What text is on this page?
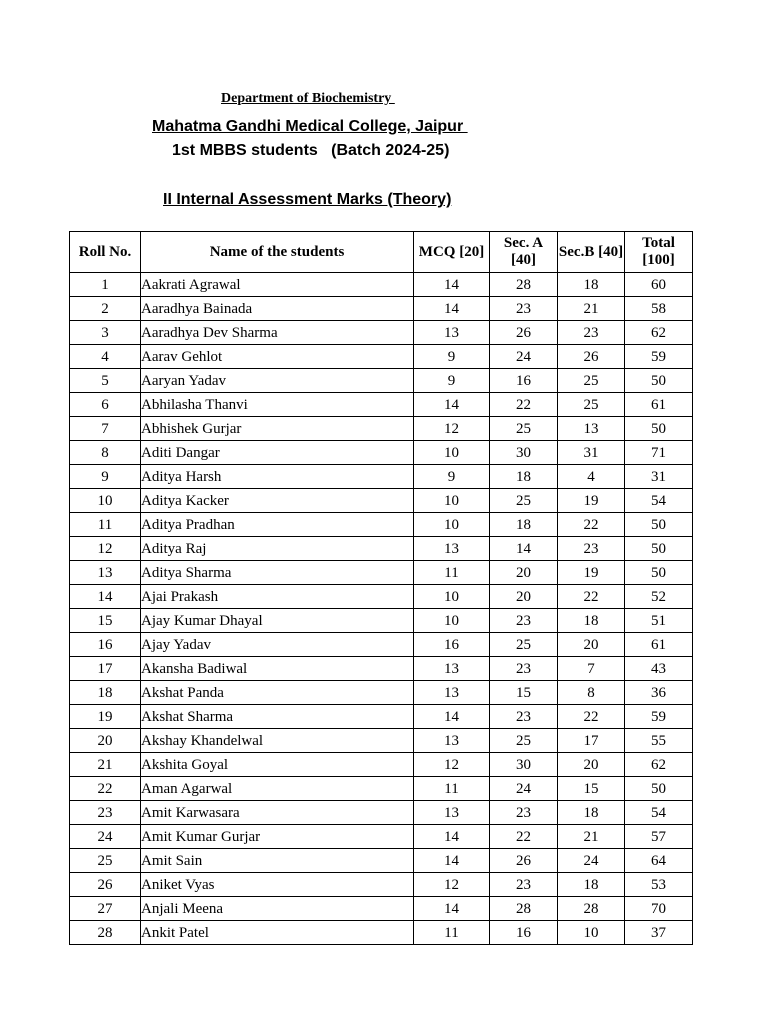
Department of Biochemistry
Mahatma Gandhi Medical College, Jaipur
1st MBBS students   (Batch 2024-25)
II Internal Assessment Marks (Theory)
Roll No.	Name of the students	MCQ [20]	Sec. A [40]	Sec.B [40]	Total [100]
1	Aakrati Agrawal	14	28	18	60
2	Aaradhya Bainada	14	23	21	58
3	Aaradhya Dev Sharma	13	26	23	62
4	Aarav Gehlot	9	24	26	59
5	Aaryan Yadav	9	16	25	50
6	Abhilasha Thanvi	14	22	25	61
7	Abhishek Gurjar	12	25	13	50
8	Aditi Dangar	10	30	31	71
9	Aditya Harsh	9	18	4	31
10	Aditya Kacker	10	25	19	54
11	Aditya Pradhan	10	18	22	50
12	Aditya Raj	13	14	23	50
13	Aditya Sharma	11	20	19	50
14	Ajai Prakash	10	20	22	52
15	Ajay Kumar Dhayal	10	23	18	51
16	Ajay Yadav	16	25	20	61
17	Akansha Badiwal	13	23	7	43
18	Akshat Panda	13	15	8	36
19	Akshat Sharma	14	23	22	59
20	Akshay Khandelwal	13	25	17	55
21	Akshita Goyal	12	30	20	62
22	Aman Agarwal	11	24	15	50
23	Amit Karwasara	13	23	18	54
24	Amit Kumar Gurjar	14	22	21	57
25	Amit Sain	14	26	24	64
26	Aniket Vyas	12	23	18	53
27	Anjali Meena	14	28	28	70
28	Ankit Patel	11	16	10	37
